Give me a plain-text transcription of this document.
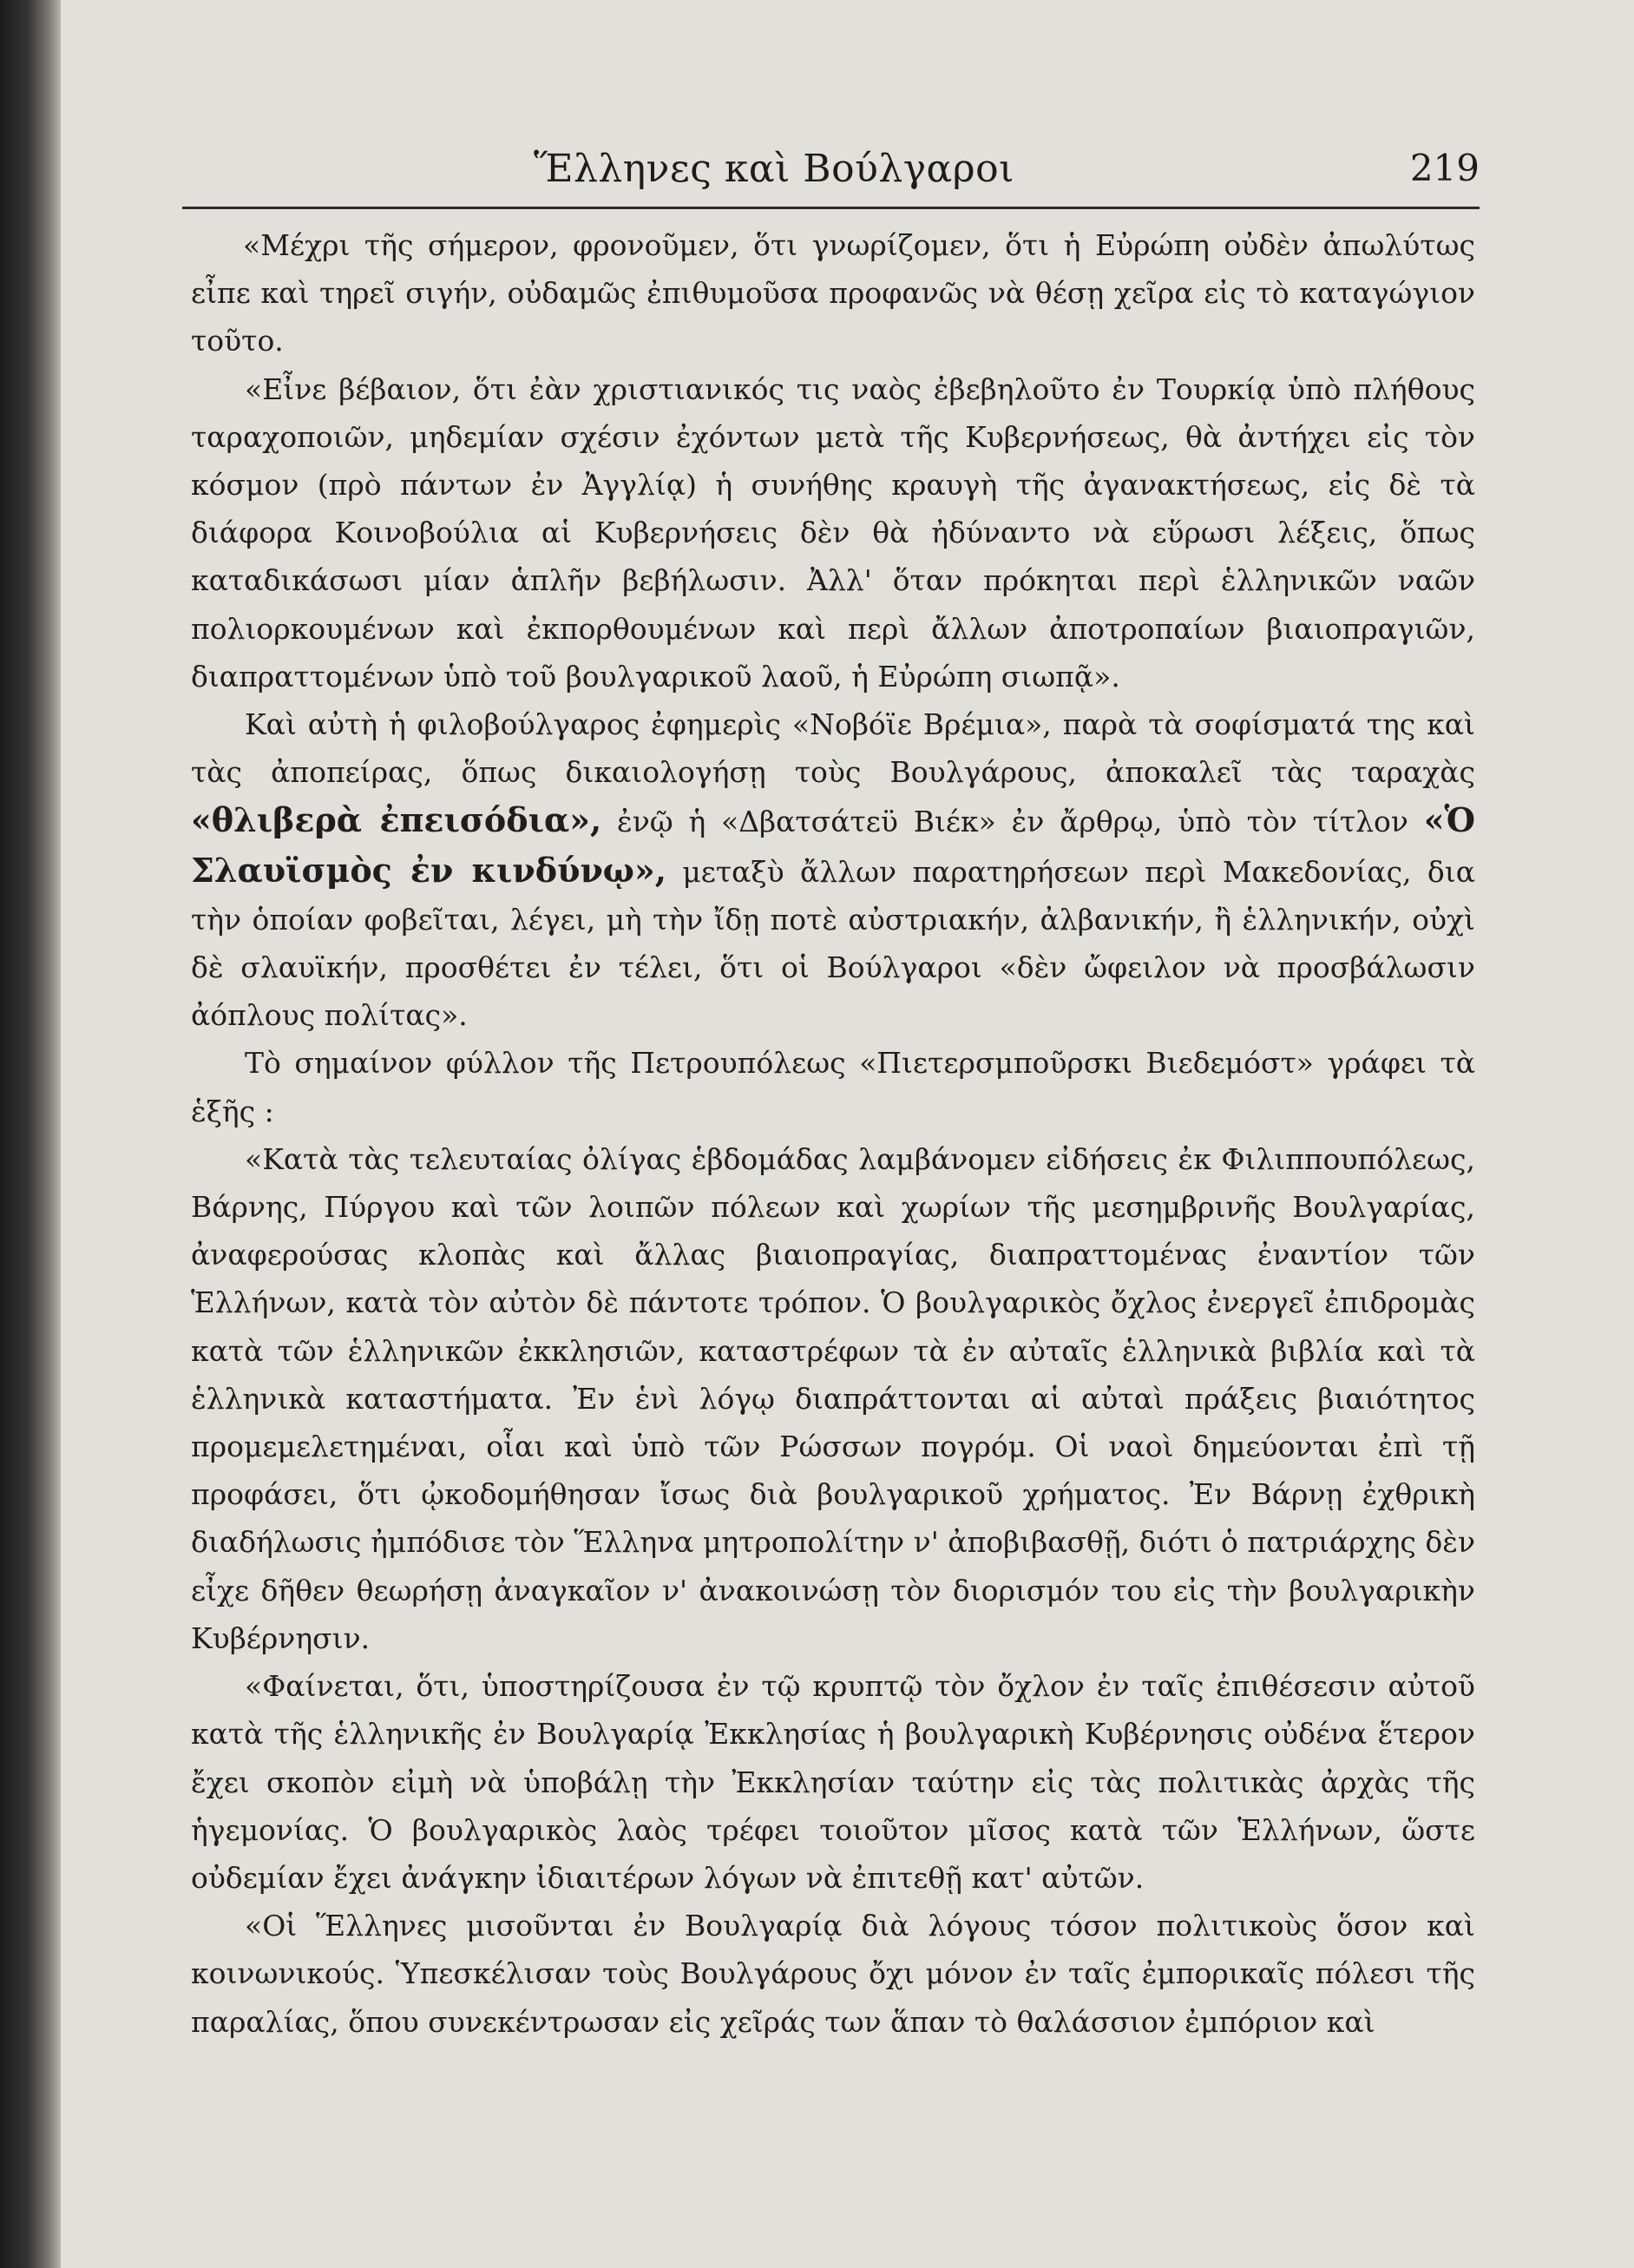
Ἕλληνες καὶ Βούλγαροι	219

«Μέχρι τῆς σήμερον, φρονοῦμεν, ὅτι γνωρίζομεν, ὅτι ἡ Εὐρώπη οὐδὲν ἀπωλύτως εἶπε καὶ τηρεῖ σιγήν, οὐδαμῶς ἐπιθυμοῦσα προφανῶς νὰ θέσῃ χεῖρα εἰς τὸ καταγώγιον τοῦτο.

«Εἶνε βέβαιον, ὅτι ἐὰν χριστιανικός τις ναὸς ἐβεβηλοῦτο ἐν Τουρκίᾳ ὑπὸ πλήθους ταραχοποιῶν, μηδεμίαν σχέσιν ἐχόντων μετὰ τῆς Κυβερνήσεως, θὰ ἀντήχει εἰς τὸν κόσμον (πρὸ πάντων ἐν Ἀγγλίᾳ) ἡ συνήθης κραυγὴ τῆς ἀγανακτήσεως, εἰς δὲ τὰ διάφορα Κοινοβούλια αἱ Κυβερνήσεις δὲν θὰ ἠδύναντο νὰ εὕρωσι λέξεις, ὅπως καταδικάσωσι μίαν ἁπλῆν βεβήλωσιν. Ἀλλ' ὅταν πρόκηται περὶ ἑλληνικῶν ναῶν πολιορκουμένων καὶ ἐκπορθουμένων καὶ περὶ ἄλλων ἀποτροπαίων βιαιοπραγιῶν, διαπραττομένων ὑπὸ τοῦ βουλγαρικοῦ λαοῦ, ἡ Εὐρώπη σιωπᾷ».

Καὶ αὐτὴ ἡ φιλοβούλγαρος ἐφημερὶς «Νοβόϊε Βρέμια», παρὰ τὰ σοφίσματά της καὶ τὰς ἀποπείρας, ὅπως δικαιολογήσῃ τοὺς Βουλγάρους, ἀποκαλεῖ τὰς ταραχὰς «θλιβερὰ ἐπεισόδια», ἐνῷ ἡ «Δβατσάτεϋ Βιέκ» ἐν ἄρθρῳ, ὑπὸ τὸν τίτλον «Ὁ Σλαυϊσμὸς ἐν κινδύνῳ», μεταξὺ ἄλλων παρατηρήσεων περὶ Μακεδονίας, δια τὴν ὁποίαν φοβεῖται, λέγει, μὴ τὴν ἴδῃ ποτὲ αὐστριακήν, ἀλβανικήν, ἢ ἑλληνικήν, οὐχὶ δὲ σλαυϊκήν, προσθέτει ἐν τέλει, ὅτι οἱ Βούλγαροι «δὲν ὤφειλον νὰ προσβάλωσιν ἀόπλους πολίτας».

Τὸ σημαίνον φύλλον τῆς Πετρουπόλεως «Πιετερσμποῦρσκι Βιεδεμόστ» γράφει τὰ ἑξῆς :

«Κατὰ τὰς τελευταίας ὀλίγας ἑβδομάδας λαμβάνομεν εἰδήσεις ἐκ Φιλιππουπόλεως, Βάρνης, Πύργου καὶ τῶν λοιπῶν πόλεων καὶ χωρίων τῆς μεσημβρινῆς Βουλγαρίας, ἀναφερούσας κλοπὰς καὶ ἄλλας βιαιοπραγίας, διαπραττομένας ἐναντίον τῶν Ἑλλήνων, κατὰ τὸν αὐτὸν δὲ πάντοτε τρόπον. Ὁ βουλγαρικὸς ὄχλος ἐνεργεῖ ἐπιδρομὰς κατὰ τῶν ἑλληνικῶν ἐκκλησιῶν, καταστρέφων τὰ ἐν αὐταῖς ἑλληνικὰ βιβλία καὶ τὰ ἑλληνικὰ καταστήματα. Ἐν ἑνὶ λόγῳ διαπράττονται αἱ αὐταὶ πράξεις βιαιότητος προμεμελετημέναι, οἷαι καὶ ὑπὸ τῶν Ρώσσων πογρόμ. Οἱ ναοὶ δημεύονται ἐπὶ τῇ προφάσει, ὅτι ᾠκοδομήθησαν ἴσως διὰ βουλγαρικοῦ χρήματος. Ἐν Βάρνῃ ἐχθρικὴ διαδήλωσις ἠμπόδισε τὸν Ἕλληνα μητροπολίτην ν' ἀποβιβασθῇ, διότι ὁ πατριάρχης δὲν εἶχε δῆθεν θεωρήσῃ ἀναγκαῖον ν' ἀνακοινώσῃ τὸν διορισμόν του εἰς τὴν βουλγαρικὴν Κυβέρνησιν.

«Φαίνεται, ὅτι, ὑποστηρίζουσα ἐν τῷ κρυπτῷ τὸν ὄχλον ἐν ταῖς ἐπιθέσεσιν αὐτοῦ κατὰ τῆς ἑλληνικῆς ἐν Βουλγαρίᾳ Ἐκκλησίας ἡ βουλγαρικὴ Κυβέρνησις οὐδένα ἕτερον ἔχει σκοπὸν εἰμὴ νὰ ὑποβάλῃ τὴν Ἐκκλησίαν ταύτην εἰς τὰς πολιτικὰς ἀρχὰς τῆς ἡγεμονίας. Ὁ βουλγαρικὸς λαὸς τρέφει τοιοῦτον μῖσος κατὰ τῶν Ἑλλήνων, ὥστε οὐδεμίαν ἔχει ἀνάγκην ἰδιαιτέρων λόγων νὰ ἐπιτεθῇ κατ' αὐτῶν.

«Οἱ Ἕλληνες μισοῦνται ἐν Βουλγαρίᾳ διὰ λόγους τόσον πολιτικοὺς ὅσον καὶ κοινωνικούς. Ὑπεσκέλισαν τοὺς Βουλγάρους ὄχι μόνον ἐν ταῖς ἐμπορικαῖς πόλεσι τῆς παραλίας, ὅπου συνεκέντρωσαν εἰς χεῖράς των ἅπαν τὸ θαλάσσιον ἐμπόριον καὶ
